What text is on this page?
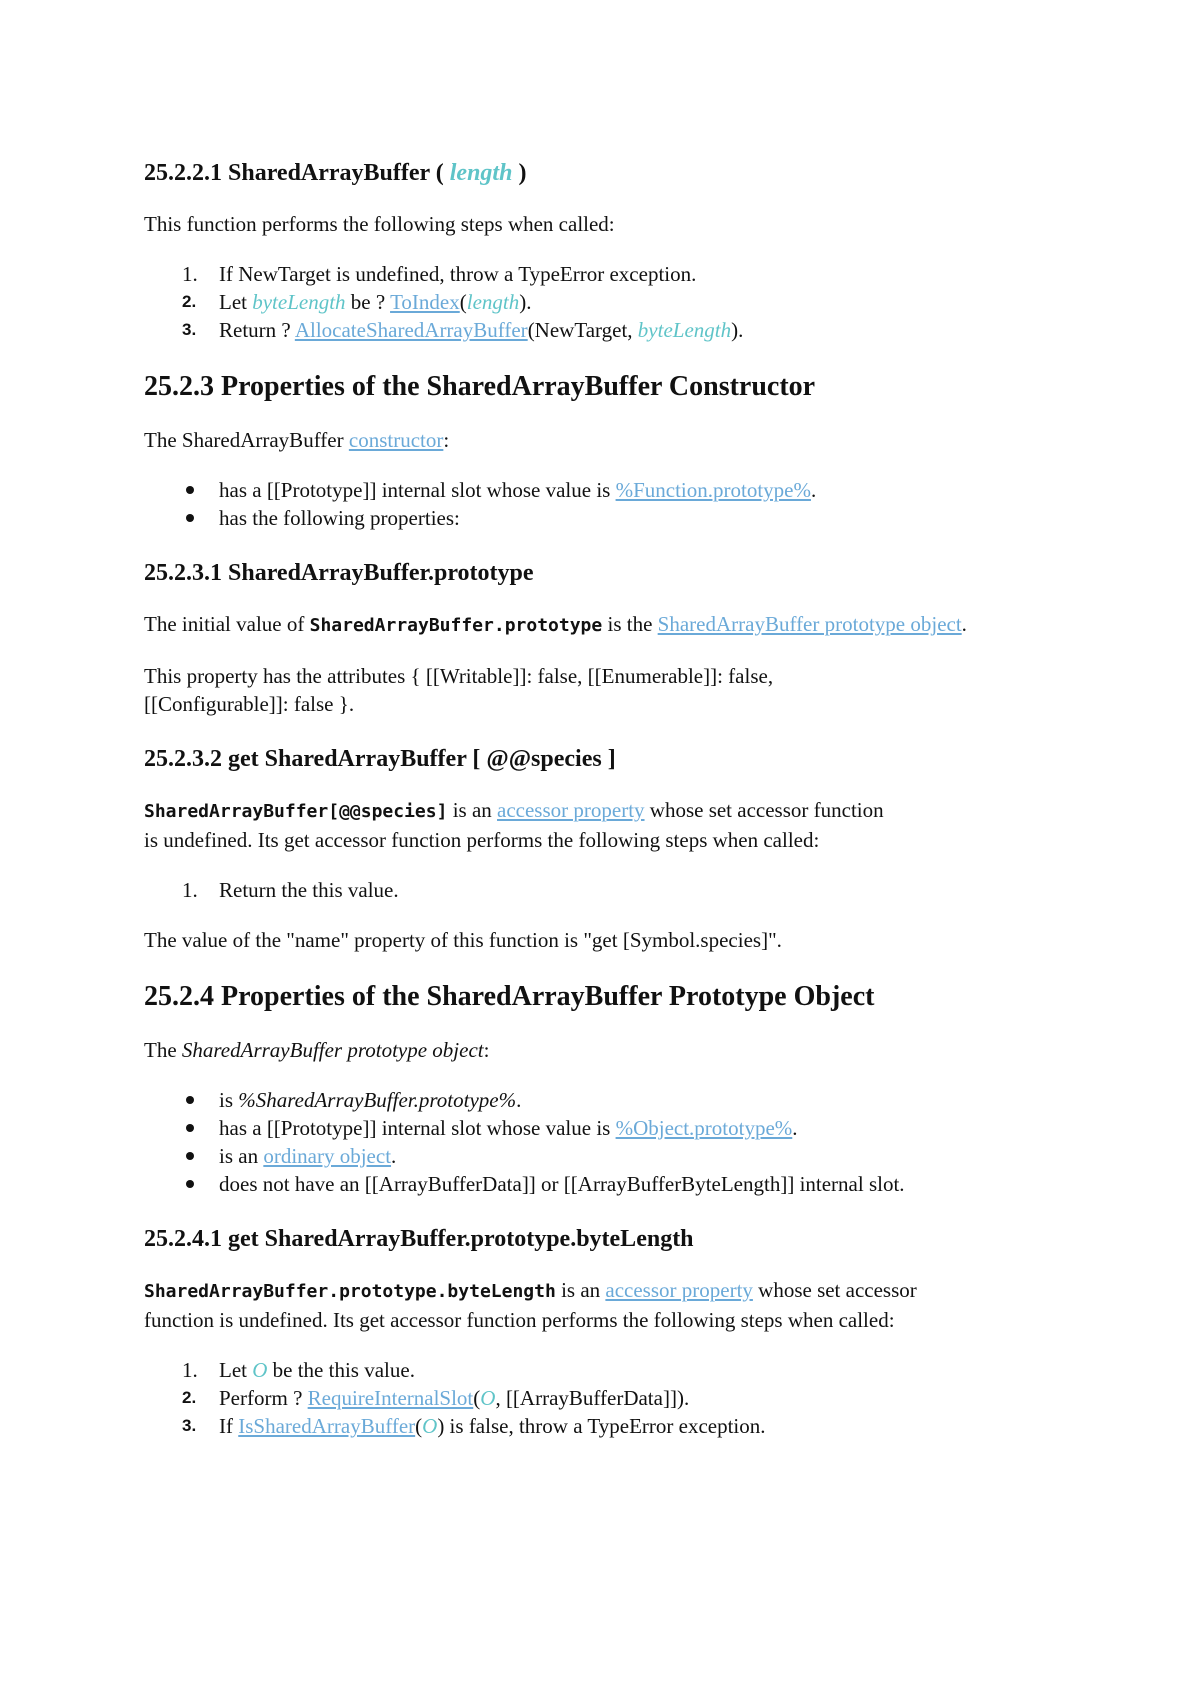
25.2.2.1 SharedArrayBuffer ( length )

This function performs the following steps when called:

1. If NewTarget is undefined, throw a TypeError exception.
2. Let byteLength be ? ToIndex(length).
3. Return ? AllocateSharedArrayBuffer(NewTarget, byteLength).
25.2.3 Properties of the SharedArrayBuffer Constructor

The SharedArrayBuffer constructor:

has a [[Prototype]] internal slot whose value is %Function.prototype%.
has the following properties:
25.2.3.1 SharedArrayBuffer.prototype

The initial value of SharedArrayBuffer.prototype is the SharedArrayBuffer prototype object.

This property has the attributes { [[Writable]]: false, [[Enumerable]]: false,
[[Configurable]]: false }.

25.2.3.2 get SharedArrayBuffer [ @@species ]

SharedArrayBuffer[@@species] is an accessor property whose set accessor function
is undefined. Its get accessor function performs the following steps when called:

1. Return the this value.

The value of the "name" property of this function is "get [Symbol.species]".

25.2.4 Properties of the SharedArrayBuffer Prototype Object

The SharedArrayBuffer prototype object:

is %SharedArrayBuffer.prototype%.
has a [[Prototype]] internal slot whose value is %Object.prototype%.
is an ordinary object.
does not have an [[ArrayBufferData]] or [[ArrayBufferByteLength]] internal slot.
25.2.4.1 get SharedArrayBuffer.prototype.byteLength

SharedArrayBuffer.prototype.byteLength is an accessor property whose set accessor
function is undefined. Its get accessor function performs the following steps when called:

1. Let O be the this value.
2. Perform ? RequireInternalSlot(O, [[ArrayBufferData]]).
3. If IsSharedArrayBuffer(O) is false, throw a TypeError exception.
